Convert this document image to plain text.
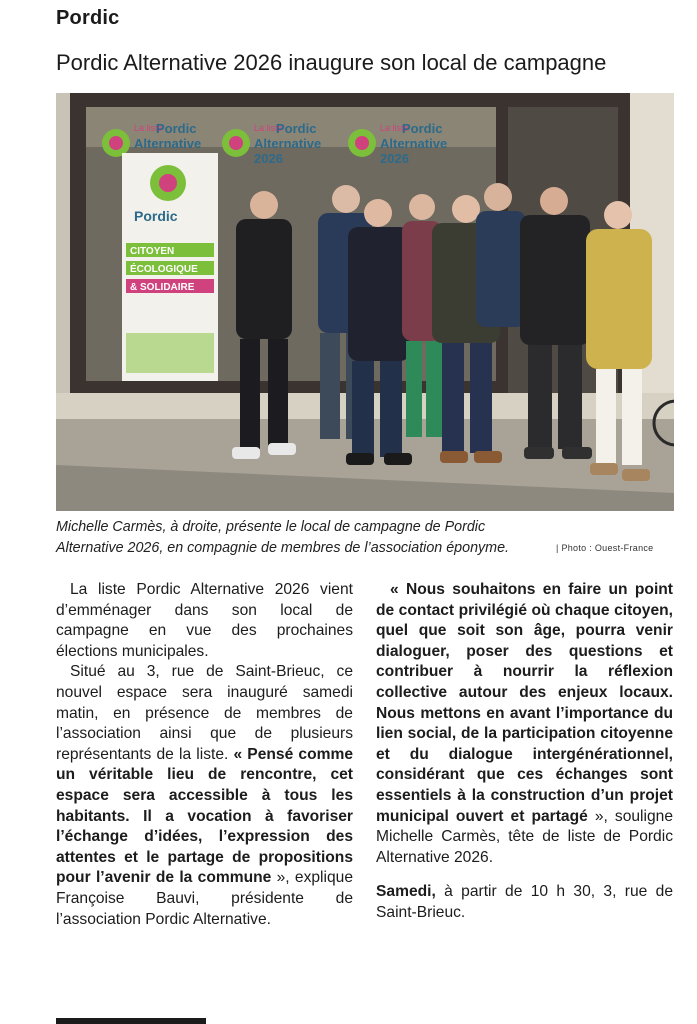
Pordic
Pordic Alternative 2026 inaugure son local de campagne
La liste
Pordic
Alternative
La liste
Pordic
Alternative
2026
La liste
Pordic
Alternative
2026
Pordic
CITOYEN
ÉCOLOGIQUE
& SOLIDAIRE
Michelle Carmès, à droite, présente le local de campagne de Pordic Alternative 2026, en compagnie de membres de l’association éponyme.	| Photo : Ouest-France

La liste Pordic Alternative 2026 vient d’emménager dans son local de campagne en vue des prochaines élections municipales.

Situé au 3, rue de Saint-Brieuc, ce nouvel espace sera inauguré samedi matin, en présence de membres de l’association ainsi que de plusieurs représentants de la liste. « Pensé comme un véritable lieu de rencontre, cet espace sera accessible à tous les habitants. Il a vocation à favoriser l’échange d’idées, l’expression des attentes et le partage de propositions pour l’avenir de la commune », explique Françoise Bauvi, présidente de l’association Pordic Alternative.

« Nous souhaitons en faire un point de contact privilégié où chaque citoyen, quel que soit son âge, pourra venir dialoguer, poser des questions et contribuer à nourrir la réflexion collective autour des enjeux locaux. Nous mettons en avant l’importance du lien social, de la participation citoyenne et du dialogue intergénérationnel, considérant que ces échanges sont essentiels à la construction d’un projet municipal ouvert et partagé », souligne Michelle Carmès, tête de liste de Pordic Alternative 2026.

Samedi, à partir de 10 h 30, 3, rue de Saint-Brieuc.
